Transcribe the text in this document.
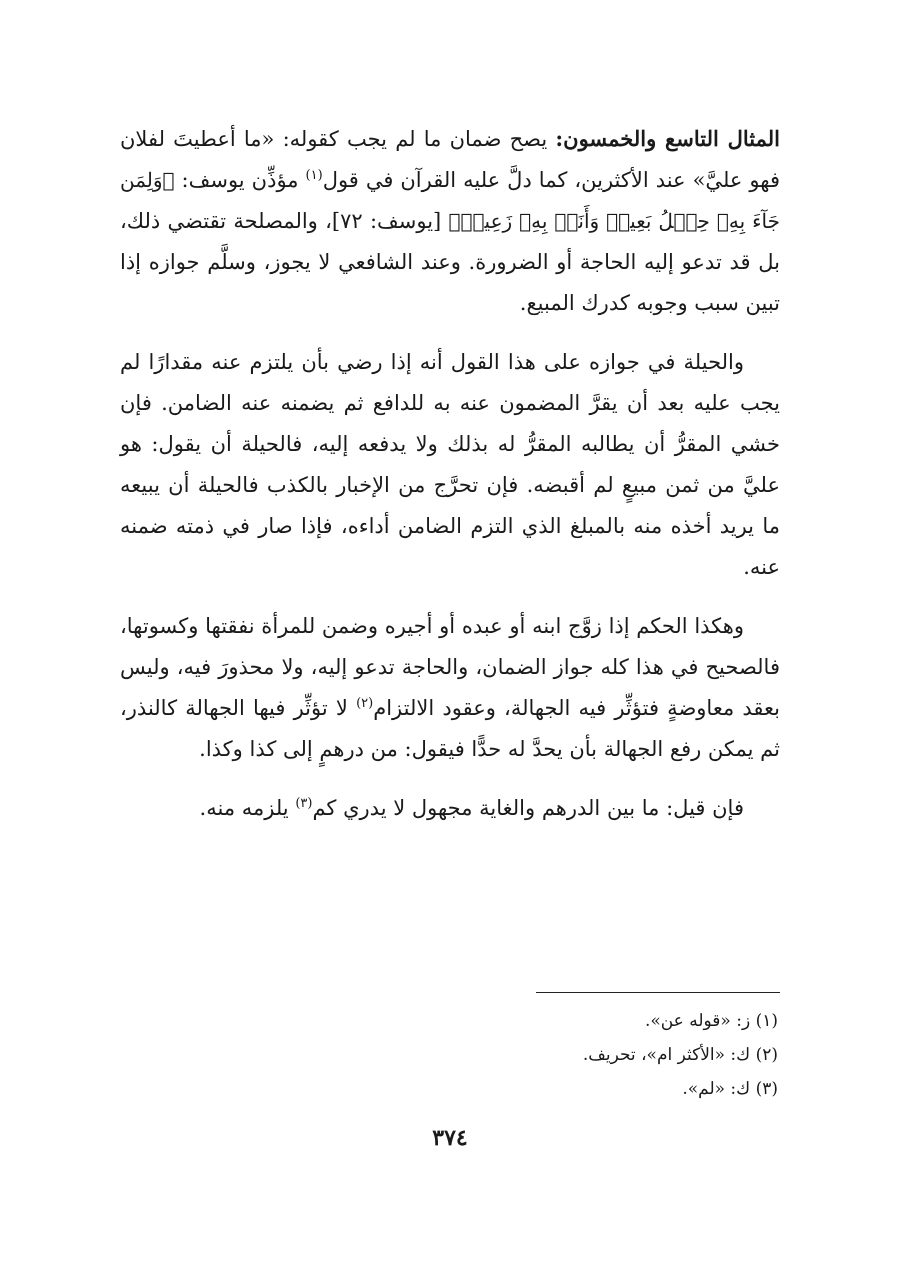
المثال التاسع والخمسون: يصح ضمان ما لم يجب كقوله: «ما أعطيتَ لفلان فهو عليَّ» عند الأكثرين، كما دلَّ عليه القرآن في قول$^{(١)}$ مؤذِّن يوسف: ﴿وَلِمَن جَآءَ بِهِۦ حِمۡلُ بَعِيرٖ وَأَنَا۠ بِهِۦ زَعِيمٞ﴾ [يوسف: ٧٢]، والمصلحة تقتضي ذلك، بل قد تدعو إليه الحاجة أو الضرورة. وعند الشافعي لا يجوز، وسلَّم جوازه إذا تبين سبب وجوبه كدرك المبيع.

والحيلة في جوازه على هذا القول أنه إذا رضي بأن يلتزم عنه مقدارًا لم يجب عليه بعد أن يقرَّ المضمون عنه به للدافع ثم يضمنه عنه الضامن. فإن خشي المقرُّ أن يطالبه المقرُّ له بذلك ولا يدفعه إليه، فالحيلة أن يقول: هو عليَّ من ثمن مبيعٍ لم أقبضه. فإن تحرَّج من الإخبار بالكذب فالحيلة أن يبيعه ما يريد أخذه منه بالمبلغ الذي التزم الضامن أداءه، فإذا صار في ذمته ضمنه عنه.

وهكذا الحكم إذا زوَّج ابنه أو عبده أو أجيره وضمن للمرأة نفقتها وكسوتها، فالصحيح في هذا كله جواز الضمان، والحاجة تدعو إليه، ولا محذورَ فيه، وليس بعقد معاوضةٍ فتؤثِّر فيه الجهالة، وعقود الالتزام$^{(٢)}$ لا تؤثِّر فيها الجهالة كالنذر، ثم يمكن رفع الجهالة بأن يحدَّ له حدًّا فيقول: من درهمٍ إلى كذا وكذا.

فإن قيل: ما بين الدرهم والغاية مجهول لا يدري كم$^{(٣)}$ يلزمه منه.

(١) ز: «قوله عن».

(٢) ك: «الأكثر ام»، تحريف.

(٣) ك: «لم».

٣٧٤
